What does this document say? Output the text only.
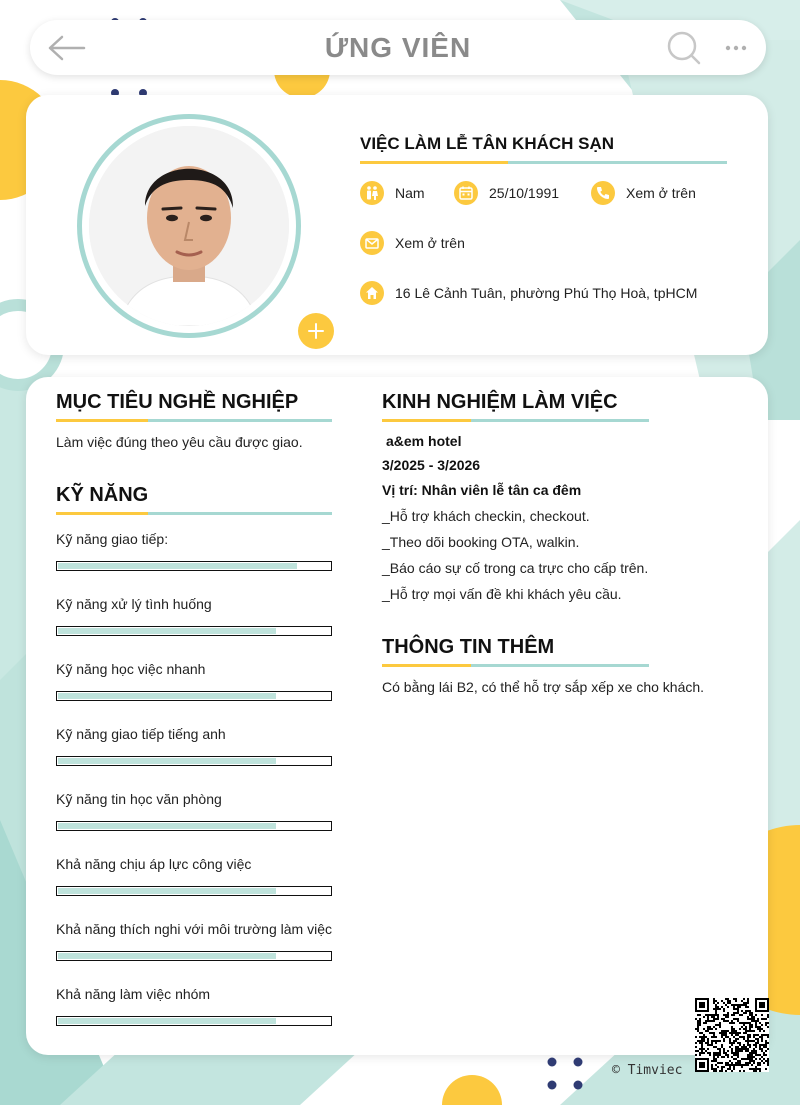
ỨNG VIÊN
VIỆC LÀM LỄ TÂN KHÁCH SẠN
Nam	25/10/1991	Xem ở trên
Xem ở trên
16 Lê Cảnh Tuân, phường Phú Thọ Hoà, tpHCM
MỤC TIÊU NGHỀ NGHIỆP
Làm việc đúng theo yêu cầu được giao.
KỸ NĂNG
Kỹ năng giao tiếp:
Kỹ năng xử lý tình huống
Kỹ năng học việc nhanh
Kỹ năng giao tiếp tiếng anh
Kỹ năng tin học văn phòng
Khả năng chịu áp lực công việc
Khả năng thích nghi với môi trường làm việc
Khả năng làm việc nhóm
KINH NGHIỆM LÀM VIỆC
a&em hotel
3/2025 - 3/2026
Vị trí: Nhân viên lễ tân ca đêm
_Hỗ trợ khách checkin, checkout.
_Theo dõi booking OTA, walkin.
_Báo cáo sự cố trong ca trực cho cấp trên.
_Hỗ trợ mọi vấn đề khi khách yêu cầu.
THÔNG TIN THÊM
Có bằng lái B2, có thể hỗ trợ sắp xếp xe cho khách.
© Timviec
